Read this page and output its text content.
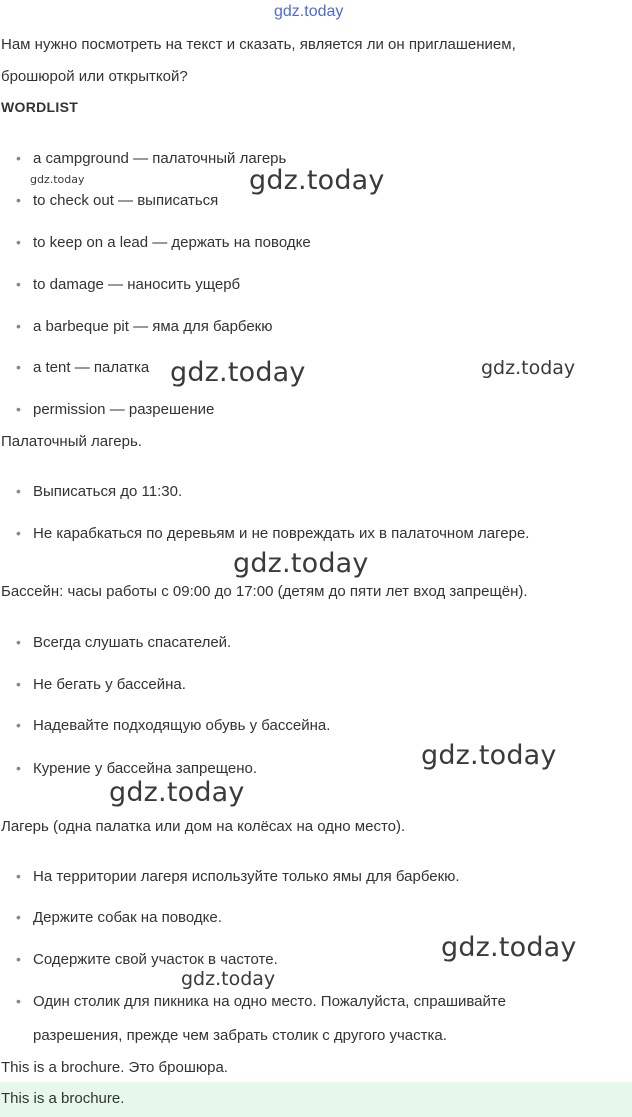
gdz.today
Нам нужно посмотреть на текст и сказать, является ли он приглашением,
брошюрой или открыткой?
WORDLIST
• a campground — палаточный лагерь
• to check out — выписаться
• to keep on a lead — держать на поводке
• to damage — наносить ущерб
• a barbeque pit — яма для барбекю
• a tent — палатка
• permission — разрешение
Палаточный лагерь.
• Выписаться до 11:30.
• Не карабкаться по деревьям и не повреждать их в палаточном лагере.
Бассейн: часы работы с 09:00 до 17:00 (детям до пяти лет вход запрещён).
• Всегда слушать спасателей.
• Не бегать у бассейна.
• Надевайте подходящую обувь у бассейна.
• Курение у бассейна запрещено.
Лагерь (одна палатка или дом на колёсах на одно место).
• На территории лагеря используйте только ямы для барбекю.
• Держите собак на поводке.
• Содержите свой участок в частоте.
• Один столик для пикника на одно место. Пожалуйста, спрашивайте
разрешения, прежде чем забрать столик с другого участка.
This is a brochure. Это брошюра.
This is a brochure.
gdz.today	gdz.today
gdz.today	gdz.today
gdz.today
gdz.today
gdz.today
gdz.today
gdz.today
